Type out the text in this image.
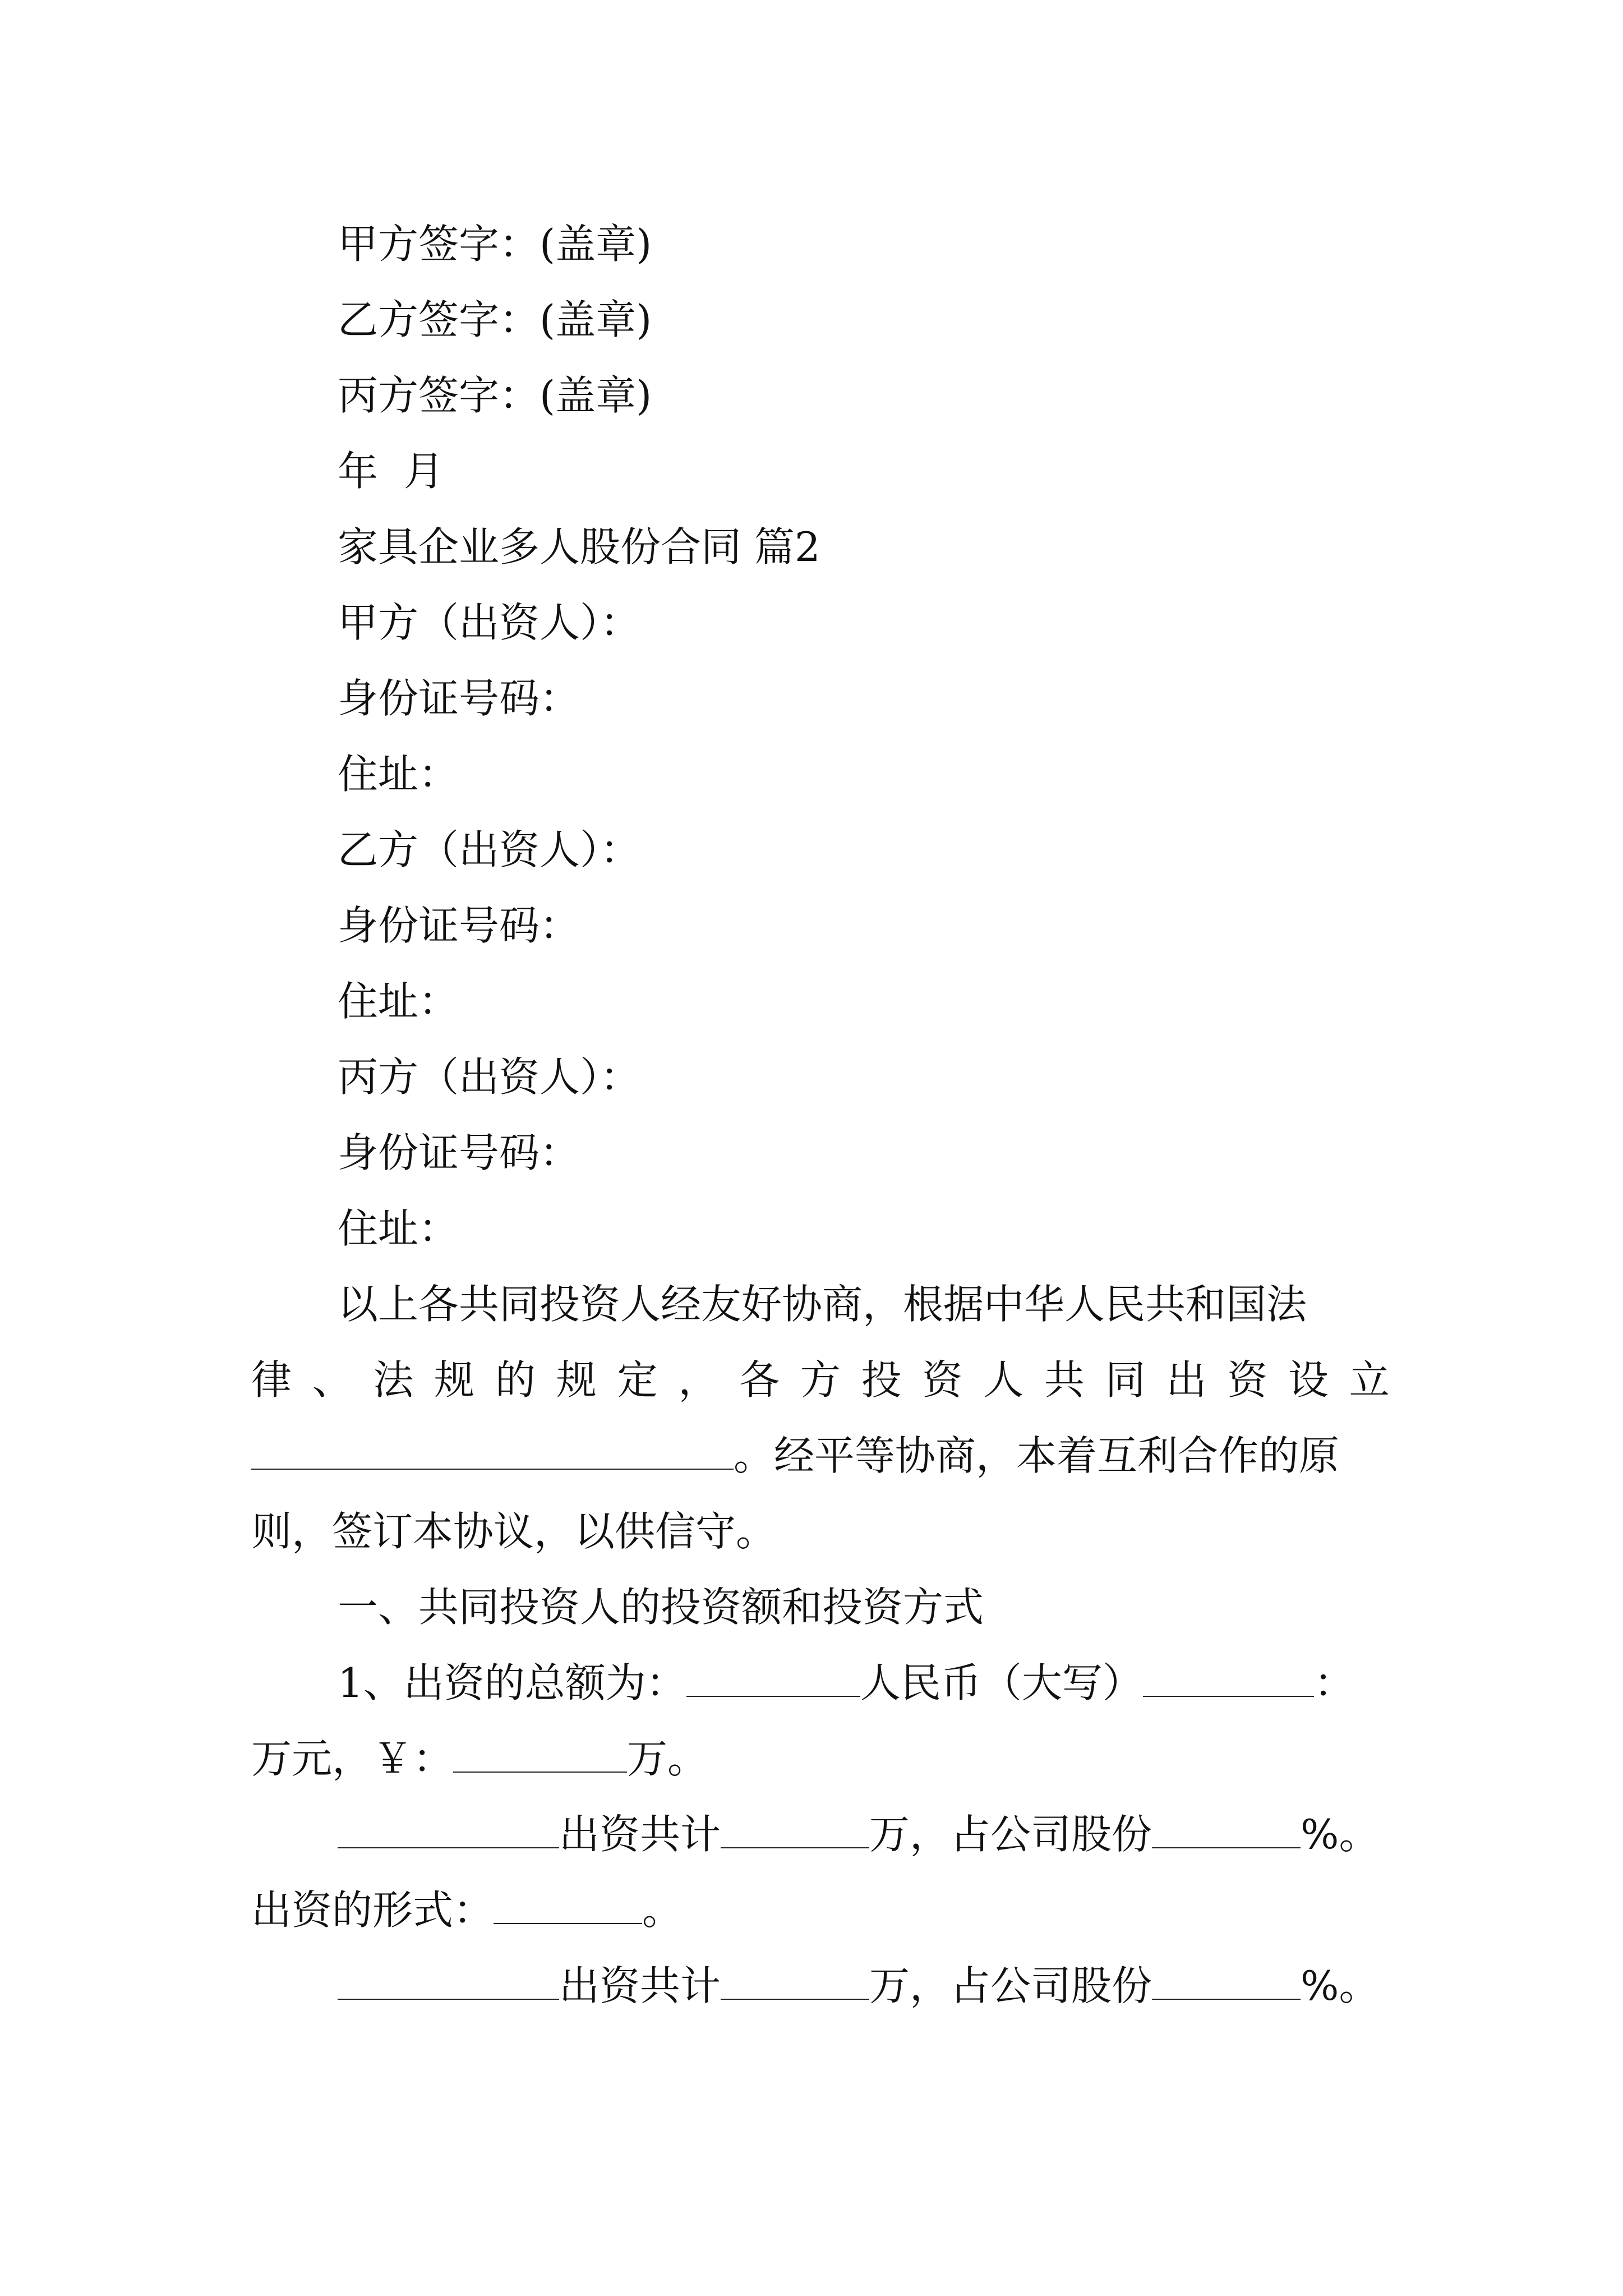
甲方签字：(盖章)
乙方签字：(盖章)
丙方签字：(盖章)
年  月
家具企业多人股份合同 篇2
甲方（出资人）：
身份证号码：
住址：
乙方（出资人）：
身份证号码：
住址：
丙方（出资人）：
身份证号码：
住址：
以上各共同投资人经友好协商，根据中华人民共和国法
律 、 法 规 的 规 定 ， 各 方 投 资 人 共 同 出 资 设 立
。经平等协商，本着互利合作的原
则，签订本协议，以供信守。
一、共同投资人的投资额和投资方式
1、出资的总额为：	人民币（大写）	：
万元，￥：	万。
出资共计	万，占公司股份	%。
出资的形式：	。
出资共计	万，占公司股份	%。
